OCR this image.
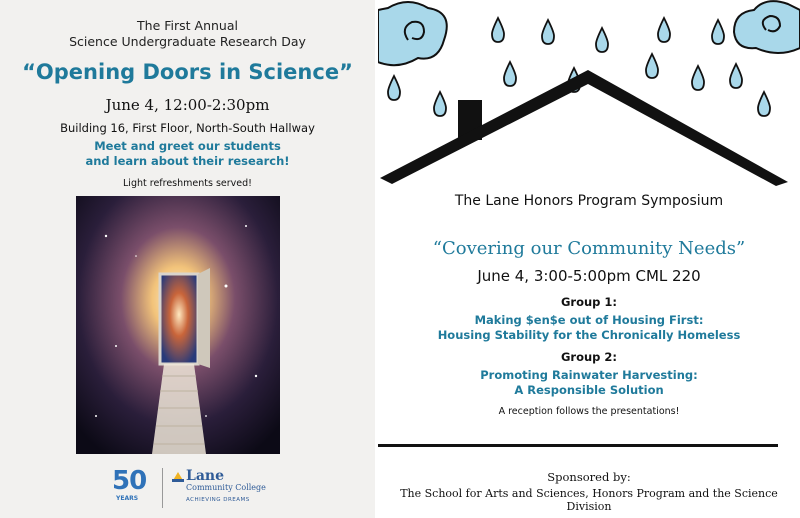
The First Annual
Science Undergraduate Research Day
“Opening Doors in Science”
June 4, 12:00-2:30pm
Building 16, First Floor, North-South Hallway
Meet and greet our students
and learn about their research!
Light refreshments served!
50
YEARS
Lane
Community College
ACHIEVING DREAMS
The Lane Honors Program Symposium
“Covering our Community Needs”
June 4, 3:00-5:00pm CML 220
Group 1:
Making $en$e out of Housing First:
Housing Stability for the Chronically Homeless
Group 2:
Promoting Rainwater Harvesting:
A Responsible Solution
A reception follows the presentations!
Sponsored by:
The School for Arts and Sciences, Honors Program and the Science Division
